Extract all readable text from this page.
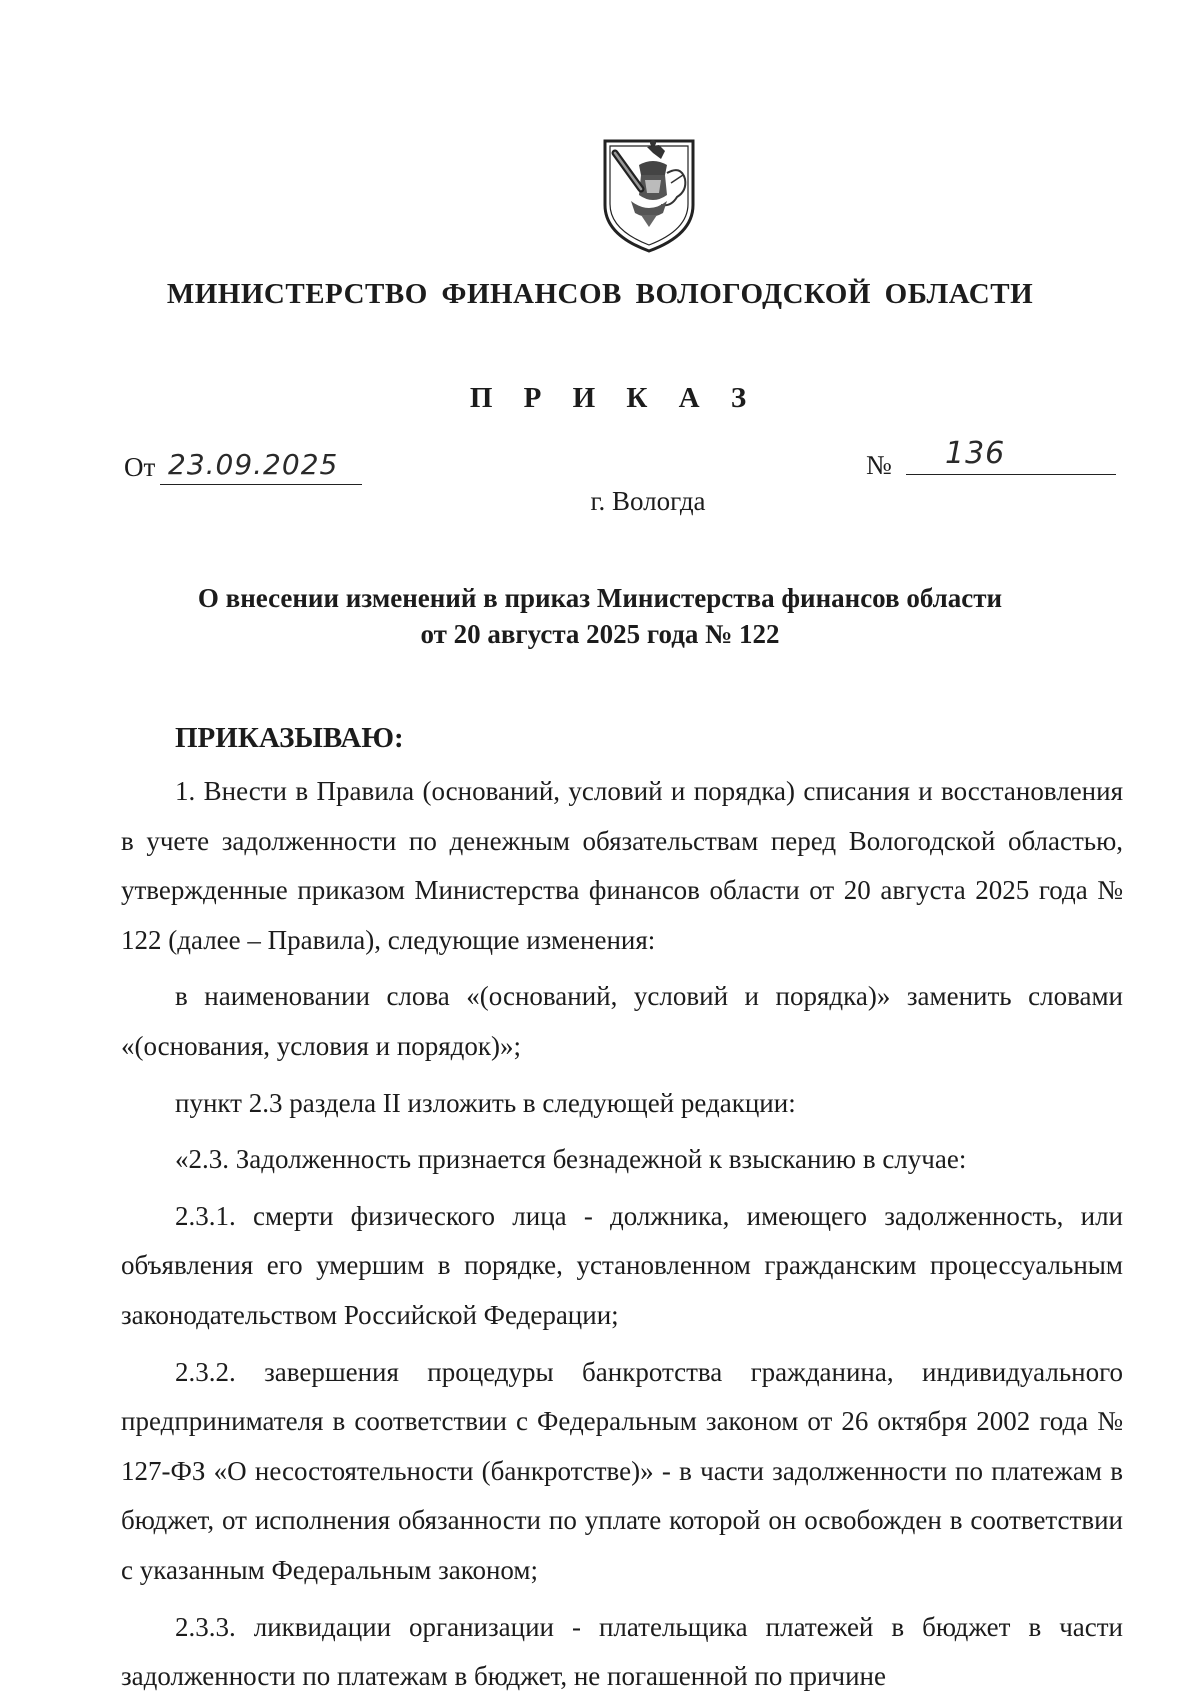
МИНИСТЕРСТВО ФИНАНСОВ ВОЛОГОДСКОЙ ОБЛАСТИ
П Р И К А З
От 23.09.2025	№ 136
г. Вологда
О внесении изменений в приказ Министерства финансов области
от 20 августа 2025 года № 122
ПРИКАЗЫВАЮ:

1. Внести в Правила (оснований, условий и порядка) списания и восстановления в учете задолженности по денежным обязательствам перед Вологодской областью, утвержденные приказом Министерства финансов области от 20 августа 2025 года № 122 (далее – Правила), следующие изменения:

в наименовании слова «(оснований, условий и порядка)» заменить словами «(основания, условия и порядок)»;

пункт 2.3 раздела II изложить в следующей редакции:

«2.3. Задолженность признается безнадежной к взысканию в случае:

2.3.1. смерти физического лица - должника, имеющего задолженность, или объявления его умершим в порядке, установленном гражданским процессуальным законодательством Российской Федерации;

2.3.2. завершения процедуры банкротства гражданина, индивидуального предпринимателя в соответствии с Федеральным законом от 26 октября 2002 года № 127-ФЗ «О несостоятельности (банкротстве)» - в части задолженности по платежам в бюджет, от исполнения обязанности по уплате которой он освобожден в соответствии с указанным Федеральным законом;

2.3.3. ликвидации организации - плательщика платежей в бюджет в части задолженности по платежам в бюджет, не погашенной по причине
